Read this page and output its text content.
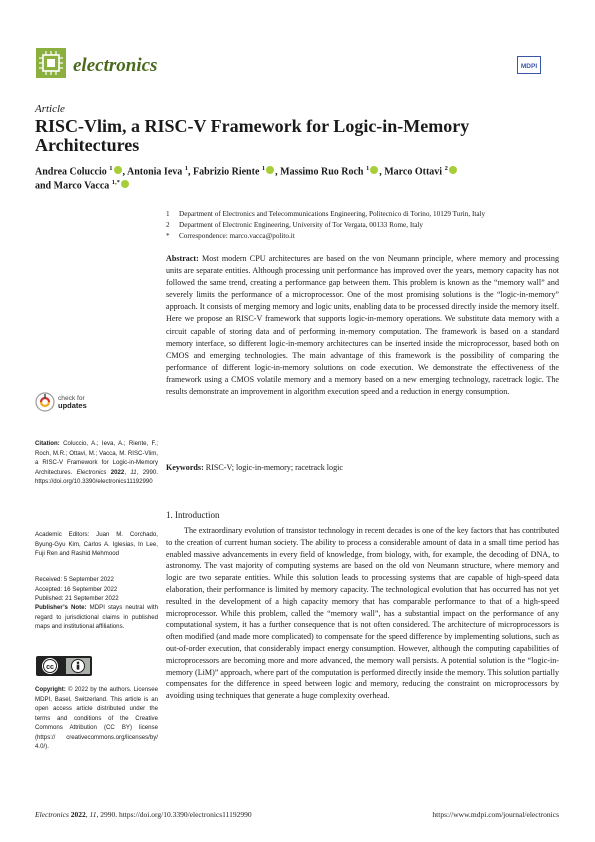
electronics	MDPI
Article
RISC-Vlim, a RISC-V Framework for Logic-in-Memory Architectures
Andrea Coluccio $^1$ , Antonia Ieva $^1$, Fabrizio Riente $^1$ , Massimo Ruo Roch $^1$ , Marco Ottavi $^2$
and Marco Vacca $^{1,*}$
1	Department of Electronics and Telecommunications Engineering, Politecnico di Torino, 10129 Turin, Italy
2	Department of Electronic Engineering, University of Tor Vergata, 00133 Rome, Italy
*	Correspondence: marco.vacca@polito.it
Abstract: Most modern CPU architectures are based on the von Neumann principle, where memory and processing units are separate entities. Although processing unit performance has improved over the years, memory capacity has not followed the same trend, creating a performance gap between them. This problem is known as the “memory wall” and severely limits the performance of a microprocessor. One of the most promising solutions is the “logic-in-memory” approach. It consists of merging memory and logic units, enabling data to be processed directly inside the memory itself. Here we propose an RISC-V framework that supports logic-in-memory operations. We substitute data memory with a circuit capable of storing data and of performing in-memory computation. The framework is based on a standard memory interface, so different logic-in-memory architectures can be inserted inside the microprocessor, based both on CMOS and emerging technologies. The main advantage of this framework is the possibility of comparing the performance of different logic-in-memory solutions on code execution. We demonstrate the effectiveness of the framework using a CMOS volatile memory and a memory based on a new emerging technology, racetrack logic. The results demonstrate an improvement in algorithm execution speed and a reduction in energy consumption.
Keywords: RISC-V; logic-in-memory; racetrack logic
check for
updates
Citation: Coluccio, A.; Ieva, A.; Riente, F.; Roch, M.R.; Ottavi, M.; Vacca, M. RISC-Vlim, a RISC-V Framework for Logic-in-Memory Architectures. Electronics 2022, 11, 2990. https://doi.org/10.3390/electronics11192990
Academic Editors: Juan M. Corchado, Byung-Gyu Kim, Carlos A. Iglesias, In Lee, Fuji Ren and Rashid Mehmood
Received: 5 September 2022
Accepted: 16 September 2022
Published: 21 September 2022
Publisher’s Note: MDPI stays neutral with regard to jurisdictional claims in published maps and institutional affiliations.
cc
Copyright: © 2022 by the authors. Licensee MDPI, Basel, Switzerland. This article is an open access article distributed under the terms and conditions of the Creative Commons Attribution (CC BY) license (https:// creativecommons.org/licenses/by/ 4.0/).
1. Introduction
The extraordinary evolution of transistor technology in recent decades is one of the key factors that has contributed to the creation of current human society. The ability to process a considerable amount of data in a small time period has enabled massive advancements in every field of knowledge, from biology, with, for example, the decoding of DNA, to astronomy. The vast majority of computing systems are based on the old von Neumann structure, where memory and logic are two separate entities. While this solution leads to processing systems that are capable of high-speed data elaboration, their performance is limited by memory capacity. The technological evolution that has occurred has not yet resulted in the development of a high capacity memory that has comparable performance to that of a high-speed microprocessor. While this problem, called the “memory wall”, has a substantial impact on the performance of any computational system, it has a further consequence that is not often considered. The architecture of microprocessors is often modified (and made more complicated) to compensate for the speed difference by implementing solutions, such as out-of-order execution, that considerably impact energy consumption. However, although the computing capabilities of microprocessors are becoming more and more advanced, the memory wall persists. A potential solution is the “logic-in-memory (LiM)” approach, where part of the computation is performed directly inside the memory. This solution partially compensates for the difference in speed between logic and memory, reducing the constraint on microprocessors by avoiding using techniques that generate a huge complexity overhead.
Electronics 2022, 11, 2990. https://doi.org/10.3390/electronics11192990	https://www.mdpi.com/journal/electronics
